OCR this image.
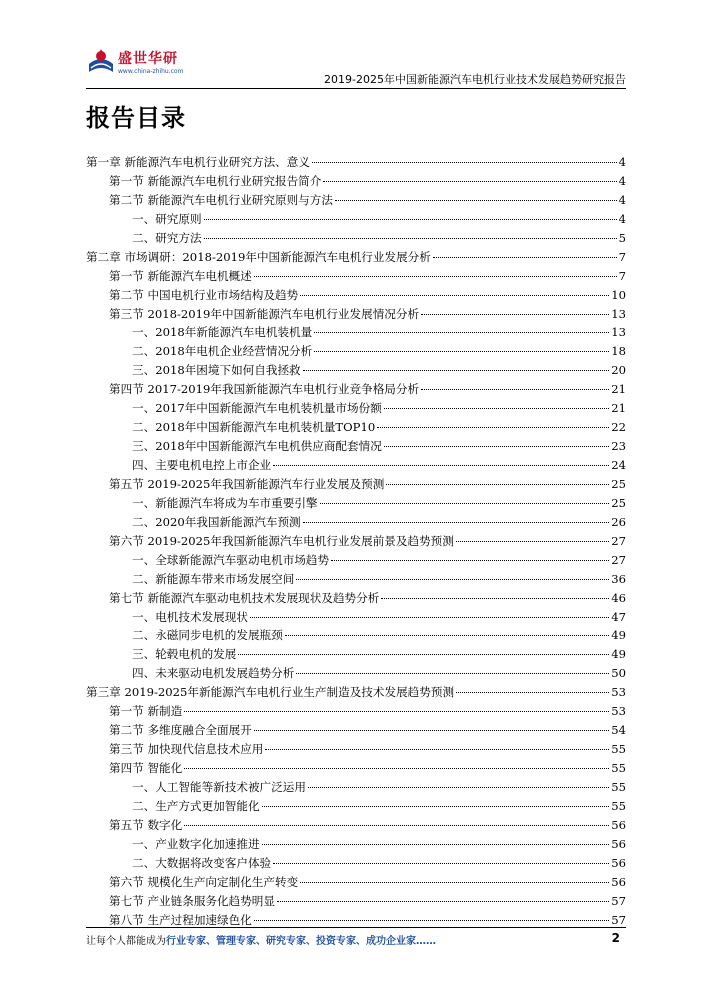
盛世华研
www.china-zhihu.com
2019-2025年中国新能源汽车电机行业技术发展趋势研究报告
报告目录
第一章 新能源汽车电机行业研究方法、意义	4
第一节 新能源汽车电机行业研究报告简介	4
第二节 新能源汽车电机行业研究原则与方法	4
一、研究原则	4
二、研究方法	5
第二章 市场调研：2018-2019年中国新能源汽车电机行业发展分析	7
第一节 新能源汽车电机概述	7
第二节 中国电机行业市场结构及趋势	10
第三节 2018-2019年中国新能源汽车电机行业发展情况分析	13
一、2018年新能源汽车电机装机量	13
二、2018年电机企业经营情况分析	18
三、2018年困境下如何自我拯救	20
第四节 2017-2019年我国新能源汽车电机行业竞争格局分析	21
一、2017年中国新能源汽车电机装机量市场份额	21
二、2018年中国新能源汽车电机装机量TOP10	22
三、2018年中国新能源汽车电机供应商配套情况	23
四、主要电机电控上市企业	24
第五节 2019-2025年我国新能源汽车行业发展及预测	25
一、新能源汽车将成为车市重要引擎	25
二、2020年我国新能源汽车预测	26
第六节 2019-2025年我国新能源汽车电机行业发展前景及趋势预测	27
一、全球新能源汽车驱动电机市场趋势	27
二、新能源车带来市场发展空间	36
第七节 新能源汽车驱动电机技术发展现状及趋势分析	46
一、电机技术发展现状	47
二、永磁同步电机的发展瓶颈	49
三、轮毂电机的发展	49
四、未来驱动电机发展趋势分析	50
第三章 2019-2025年新能源汽车电机行业生产制造及技术发展趋势预测	53
第一节 新制造	53
第二节 多维度融合全面展开	54
第三节 加快现代信息技术应用	55
第四节 智能化	55
一、人工智能等新技术被广泛运用	55
二、生产方式更加智能化	55
第五节 数字化	56
一、产业数字化加速推进	56
二、大数据将改变客户体验	56
第六节 规模化生产向定制化生产转变	56
第七节 产业链条服务化趋势明显	57
第八节 生产过程加速绿色化	57
让每个人都能成为行业专家、管理专家、研究专家、投资专家、成功企业家……	2
